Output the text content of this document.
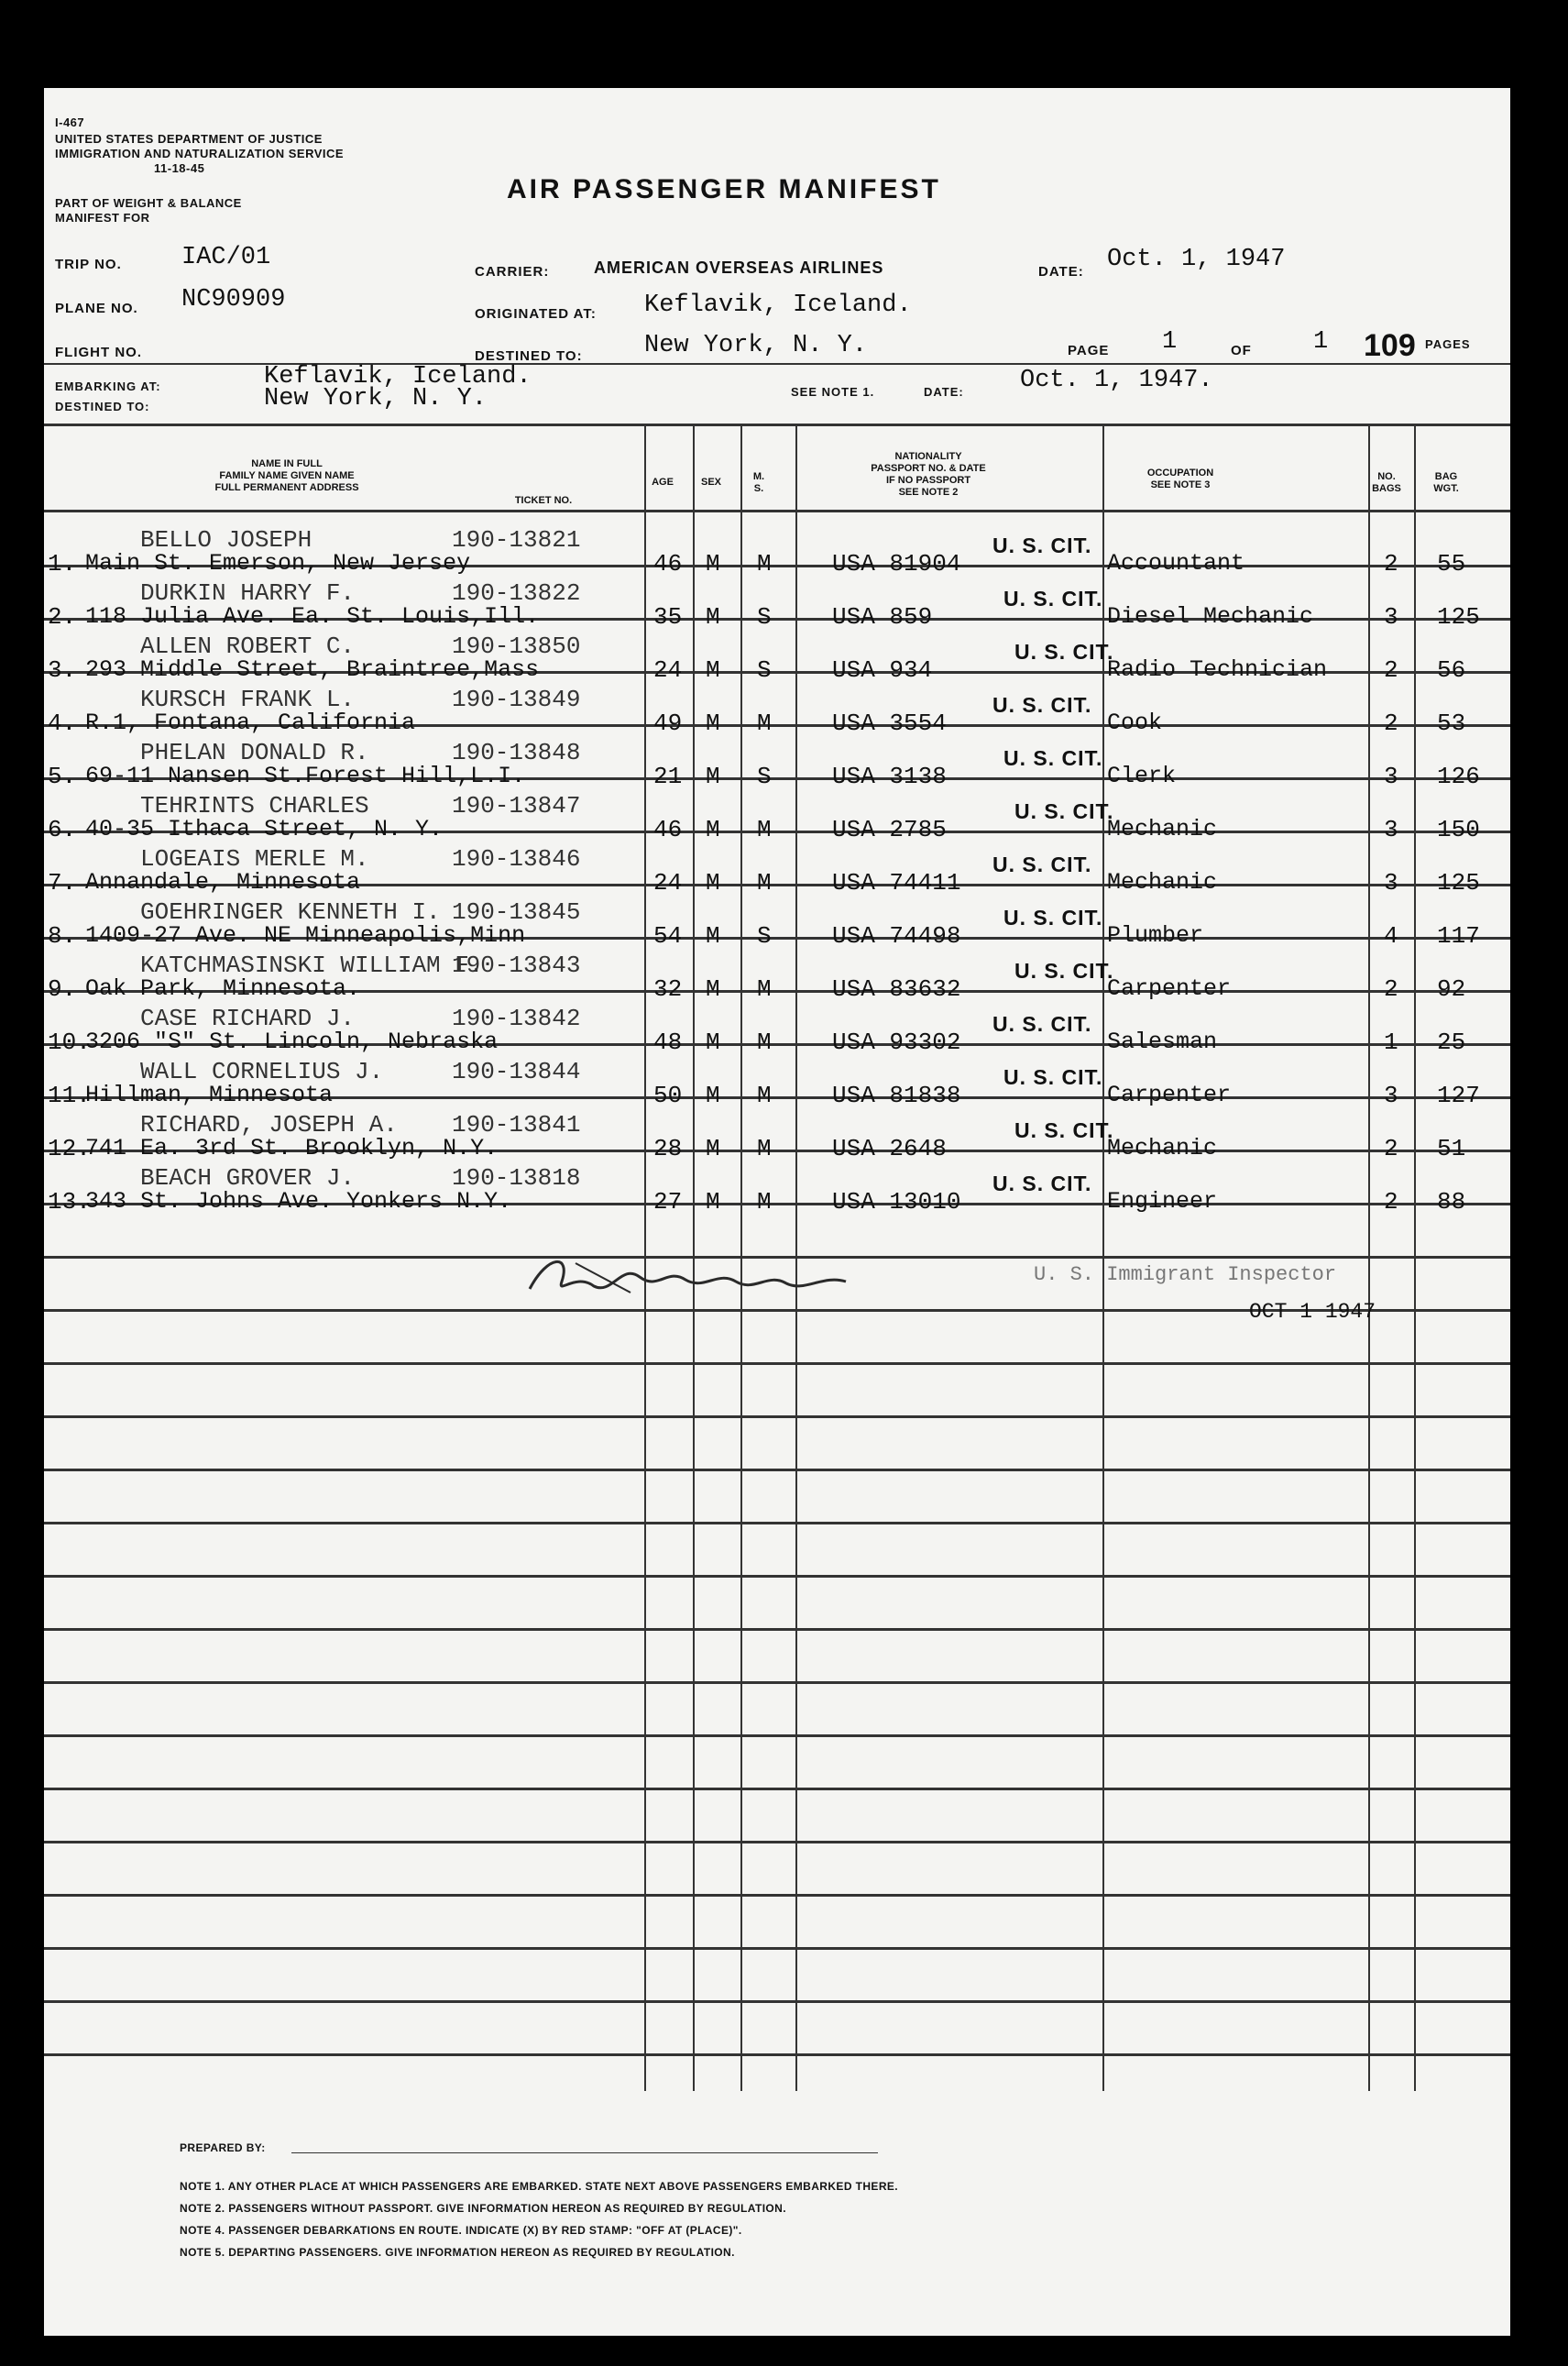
I-467
UNITED STATES DEPARTMENT OF JUSTICE
IMMIGRATION AND NATURALIZATION SERVICE
11-18-45
PART OF WEIGHT & BALANCE
MANIFEST FOR
AIR PASSENGER MANIFEST
TRIP NO. IAC/01
PLANE NO. NC90909
FLIGHT NO.
CARRIER:	AMERICAN OVERSEAS AIRLINES
ORIGINATED AT: Keflavik, Iceland.
DESTINED TO: New York, N. Y.
DATE: Oct. 1, 1947
PAGE 1	OF 1 109 PAGES
EMBARKING AT:	Keflavik, Iceland.
DESTINED TO:	New York, N. Y.	SEE NOTE 1.	DATE: Oct. 1, 1947.
NAME IN FULL
FAMILY NAME GIVEN NAME
FULL PERMANENT ADDRESS
TICKET NO.
AGE	SEX	M.
S.
NATIONALITY
PASSPORT NO. & DATE
IF NO PASSPORT
SEE NOTE 2
OCCUPATION
SEE NOTE 3
NO.
BAGS
BAG
WGT.
BELLO JOSEPH	190-13821
1. Main St. Emerson, New Jersey	46 M M	USA 81904
U. S. CIT.
Accountant	2 55
DURKIN HARRY F.	190-13822
2. 118 Julia Ave. Ea. St. Louis,Ill.	35 M S	USA 859
U. S. CIT.
Diesel Mechanic	3 125
ALLEN ROBERT C.	190-13850
3. 293 Middle Street, Braintree,Mass	24 M S	USA 934
U. S. CIT.
Radio Technician 2 56
KURSCH FRANK L.	190-13849
4. R.1, Fontana, California	49 M M	USA 3554
U. S. CIT.
Cook	2 53
PHELAN DONALD R.	190-13848
5. 69-11 Nansen St.Forest Hill,L.I.	21 M S	USA 3138
U. S. CIT.
Clerk	3 126
TEHRINTS CHARLES	190-13847
6. 40-35 Ithaca Street, N. Y.	46 M M	USA 2785
U. S. CIT.
Mechanic	3 150
LOGEAIS MERLE M.	190-13846
7. Annandale, Minnesota	24 M M	USA 74411
U. S. CIT.
Mechanic	3 125
GOEHRINGER KENNETH I. 190-13845
8. 1409-27 Ave. NE Minneapolis,Minn	54 M S	USA 74498
U. S. CIT.
Plumber	4 117
KATCHMASINSKI WILLIAM F.
190-13843
9. Oak Park, Minnesota.	32 M M	USA 83632
U. S. CIT.
Carpenter	2 92
CASE RICHARD J.	190-13842
10.
3206 "S" St. Lincoln, Nebraska	48 M M	USA 93302
U. S. CIT.
Salesman	1 25
WALL CORNELIUS J.	190-13844
11.
Hillman, Minnesota	50 M M	USA 81838
U. S. CIT.
Carpenter	3 127
RICHARD, JOSEPH A. 190-13841
12.
741 Ea. 3rd St. Brooklyn, N.Y.	28 M M	USA 2648
U. S. CIT.
Mechanic	2 51
BEACH GROVER J.	190-13818
13.
343 St. Johns Ave. Yonkers N.Y.	27 M M	USA 13010
U. S. CIT.
Engineer	2 88
U. S. Immigrant Inspector
OCT 1 1947
PREPARED BY:
NOTE 1. ANY OTHER PLACE AT WHICH PASSENGERS ARE EMBARKED. STATE NEXT ABOVE PASSENGERS EMBARKED THERE.
NOTE 2. PASSENGERS WITHOUT PASSPORT. GIVE INFORMATION HEREON AS REQUIRED BY REGULATION.
NOTE 4. PASSENGER DEBARKATIONS EN ROUTE. INDICATE (X) BY RED STAMP: "OFF AT (PLACE)".
NOTE 5. DEPARTING PASSENGERS. GIVE INFORMATION HEREON AS REQUIRED BY REGULATION.
